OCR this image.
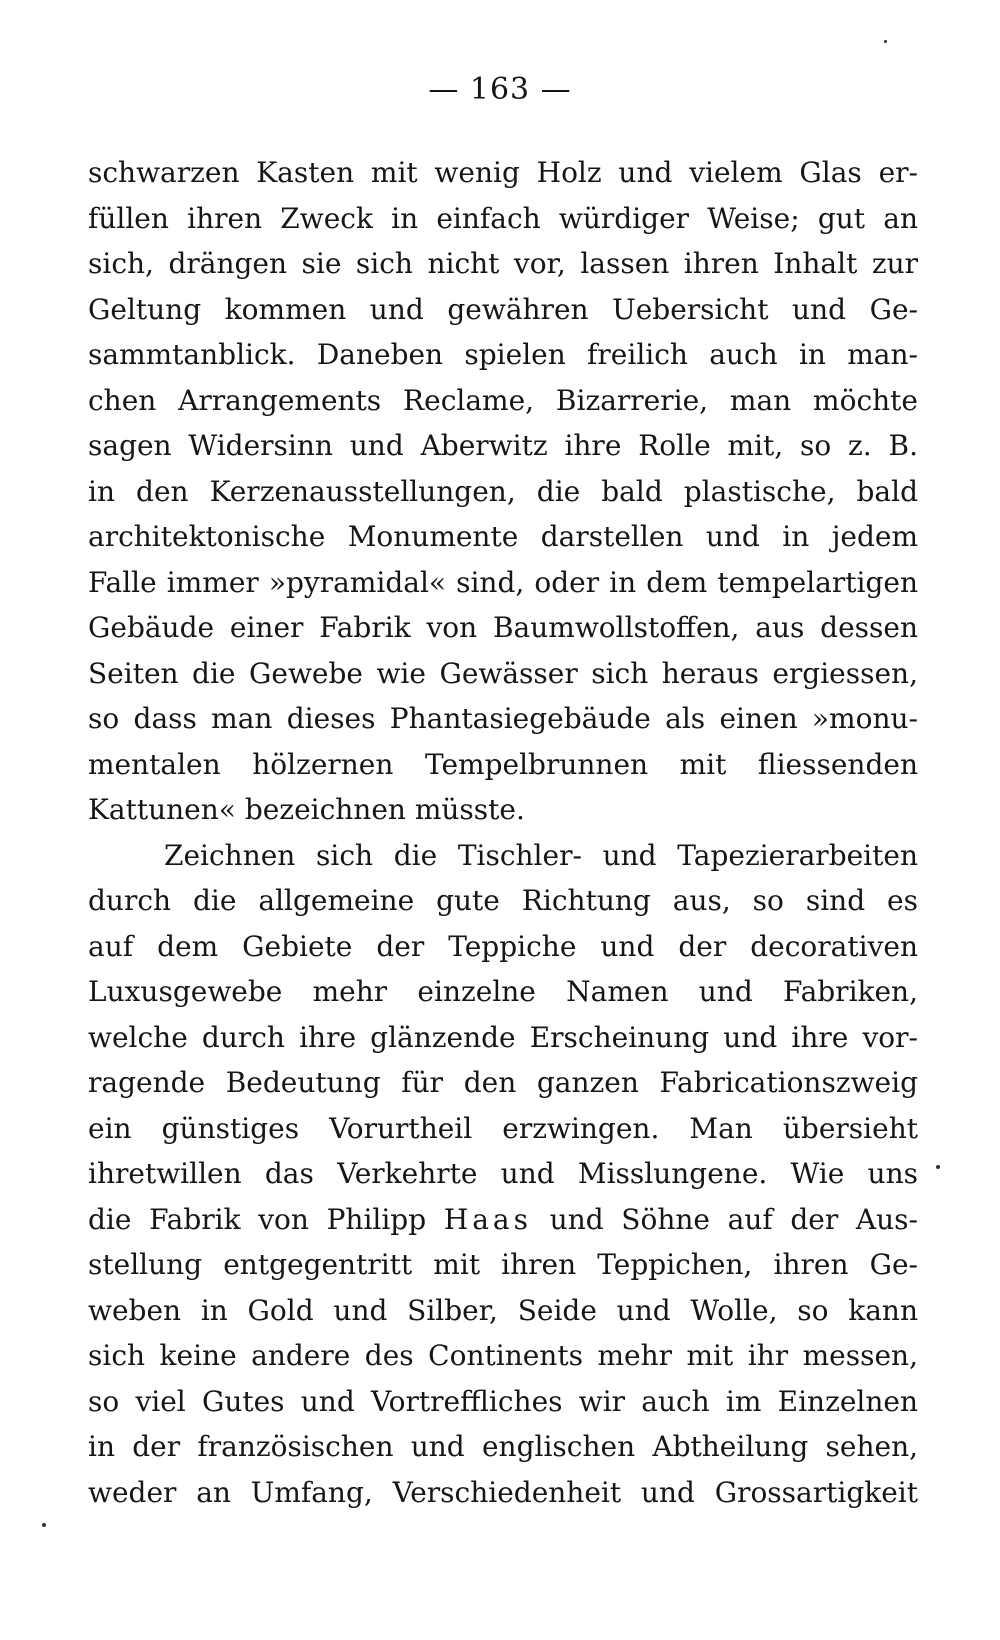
— 163 —
schwarzen Kasten mit wenig Holz und vielem Glas er-
füllen ihren Zweck in einfach würdiger Weise; gut an
sich, drängen sie sich nicht vor, lassen ihren Inhalt zur
Geltung kommen und gewähren Uebersicht und Ge-
sammtanblick. Daneben spielen freilich auch in man-
chen Arrangements Reclame, Bizarrerie, man möchte
sagen Widersinn und Aberwitz ihre Rolle mit, so z. B.
in den Kerzenausstellungen, die bald plastische, bald
architektonische Monumente darstellen und in jedem
Falle immer »pyramidal« sind, oder in dem tempelartigen
Gebäude einer Fabrik von Baumwollstoffen, aus dessen
Seiten die Gewebe wie Gewässer sich heraus ergiessen,
so dass man dieses Phantasiegebäude als einen »monu-
mentalen hölzernen Tempelbrunnen mit fliessenden
Kattunen« bezeichnen müsste.
Zeichnen sich die Tischler- und Tapezierarbeiten
durch die allgemeine gute Richtung aus, so sind es
auf dem Gebiete der Teppiche und der decorativen
Luxusgewebe mehr einzelne Namen und Fabriken,
welche durch ihre glänzende Erscheinung und ihre vor-
ragende Bedeutung für den ganzen Fabricationszweig
ein günstiges Vorurtheil erzwingen. Man übersieht
ihretwillen das Verkehrte und Misslungene. Wie uns
die Fabrik von Philipp Haas und Söhne auf der Aus-
stellung entgegentritt mit ihren Teppichen, ihren Ge-
weben in Gold und Silber, Seide und Wolle, so kann
sich keine andere des Continents mehr mit ihr messen,
so viel Gutes und Vortreffliches wir auch im Einzelnen
in der französischen und englischen Abtheilung sehen,
weder an Umfang, Verschiedenheit und Grossartigkeit
